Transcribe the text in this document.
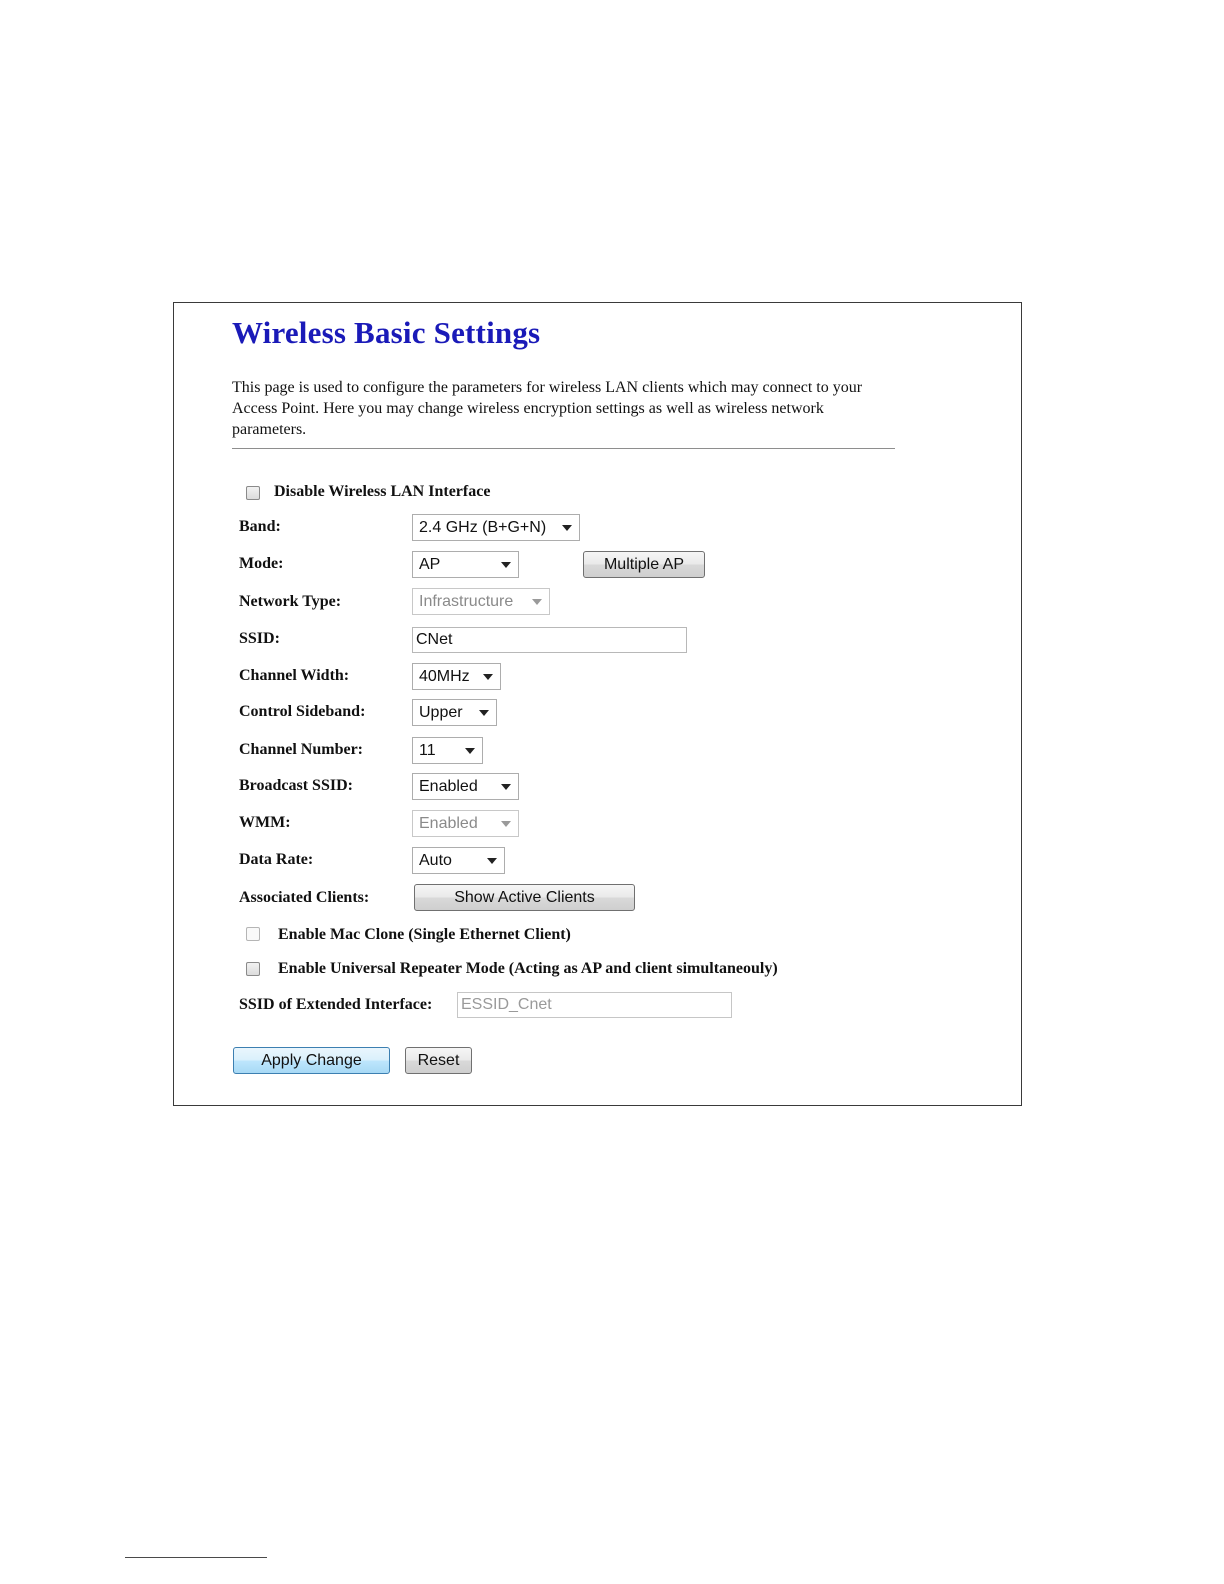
Wireless Basic Settings

This page is used to configure the parameters for wireless LAN clients which may connect to your Access Point. Here you may change wireless encryption settings as well as wireless network parameters.

Disable Wireless LAN Interface
Band:	2.4 GHz (B+G+N)
Mode:	AP	Multiple AP
Network Type:	Infrastructure
SSID:	CNet
Channel Width:	40MHz
Control Sideband:	Upper
Channel Number:	11
Broadcast SSID:	Enabled
WMM:	Enabled
Data Rate:	Auto
Associated Clients:	Show Active Clients
Enable Mac Clone (Single Ethernet Client)
Enable Universal Repeater Mode (Acting as AP and client simultaneouly)
SSID of Extended Interface: ESSID_Cnet
Apply Change	Reset
